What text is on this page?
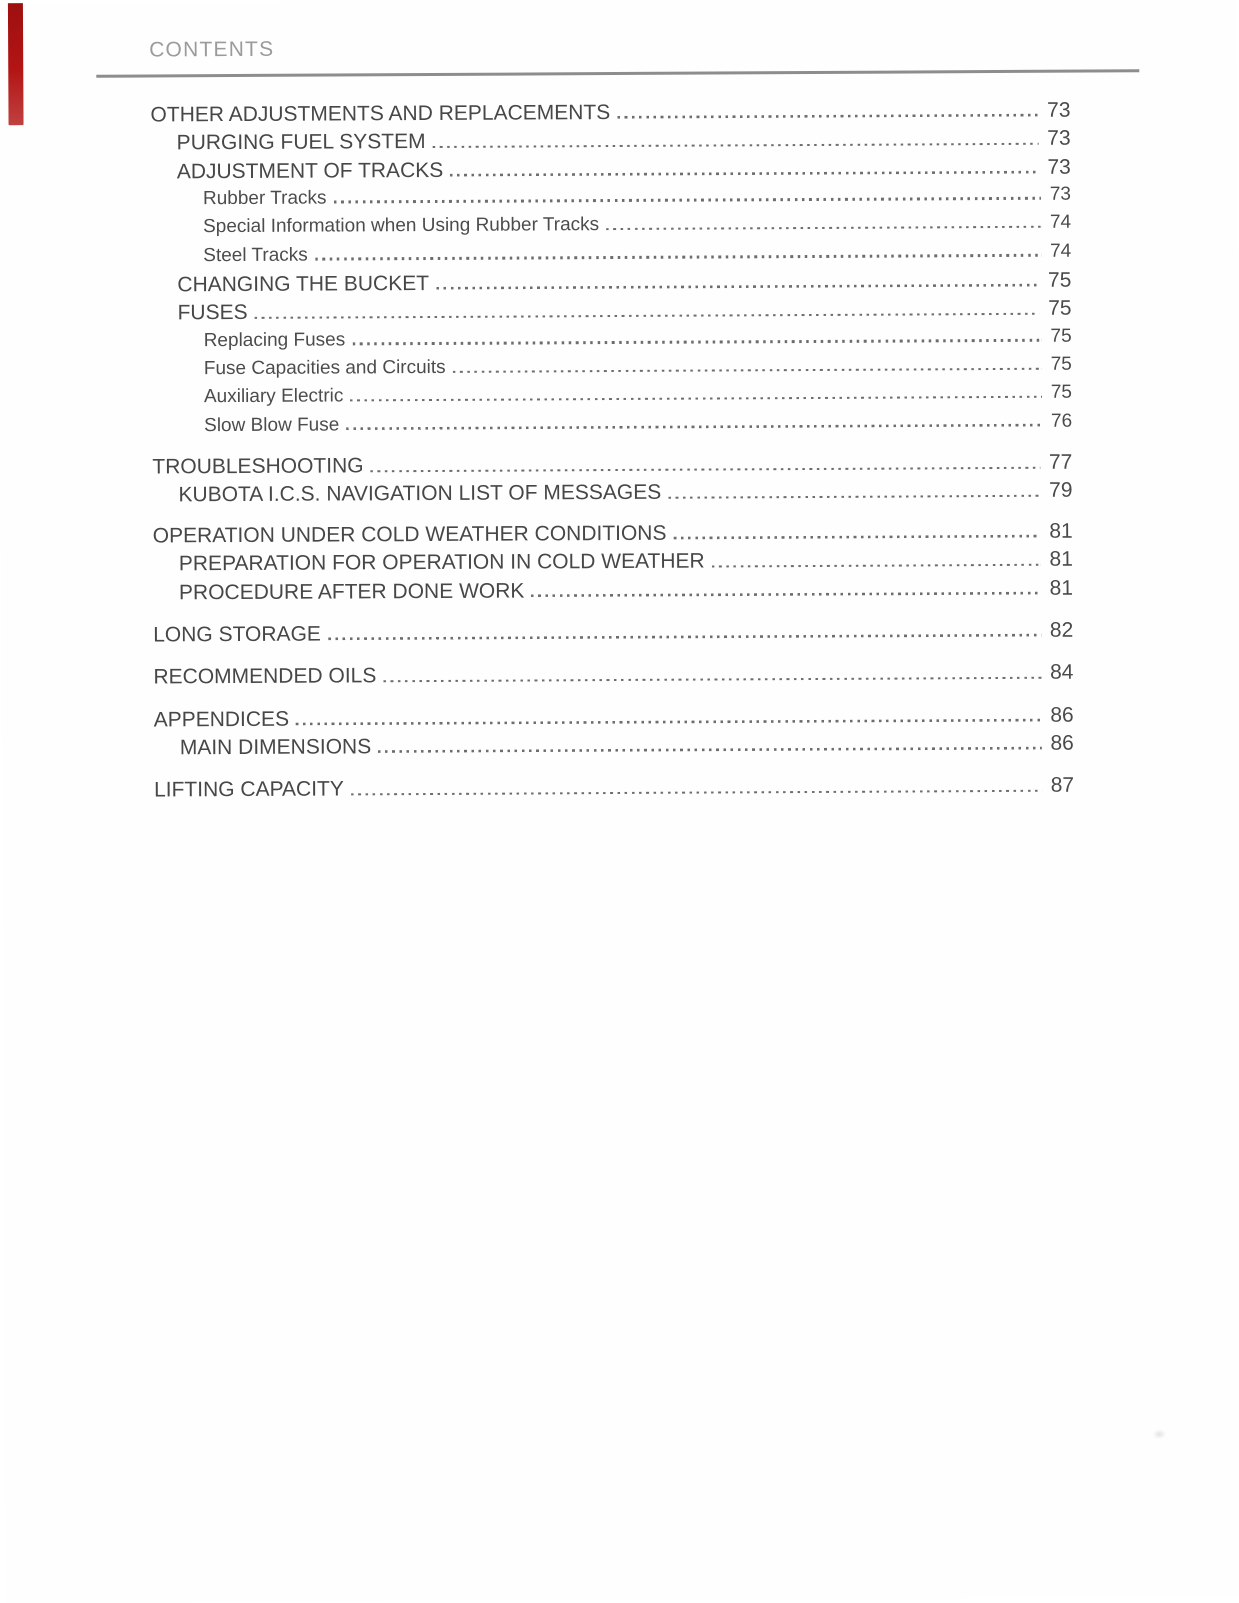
CONTENTS
OTHER ADJUSTMENTS AND REPLACEMENTS	73
PURGING FUEL SYSTEM	73
ADJUSTMENT OF TRACKS	73
Rubber Tracks	73
Special Information when Using Rubber Tracks	74
Steel Tracks	74
CHANGING THE BUCKET	75
FUSES	75
Replacing Fuses	75
Fuse Capacities and Circuits	75
Auxiliary Electric	75
Slow Blow Fuse	76
TROUBLESHOOTING	77
KUBOTA I.C.S. NAVIGATION LIST OF MESSAGES	79
OPERATION UNDER COLD WEATHER CONDITIONS	81
PREPARATION FOR OPERATION IN COLD WEATHER	81
PROCEDURE AFTER DONE WORK	81
LONG STORAGE	82
RECOMMENDED OILS	84
APPENDICES	86
MAIN DIMENSIONS	86
LIFTING CAPACITY	87
